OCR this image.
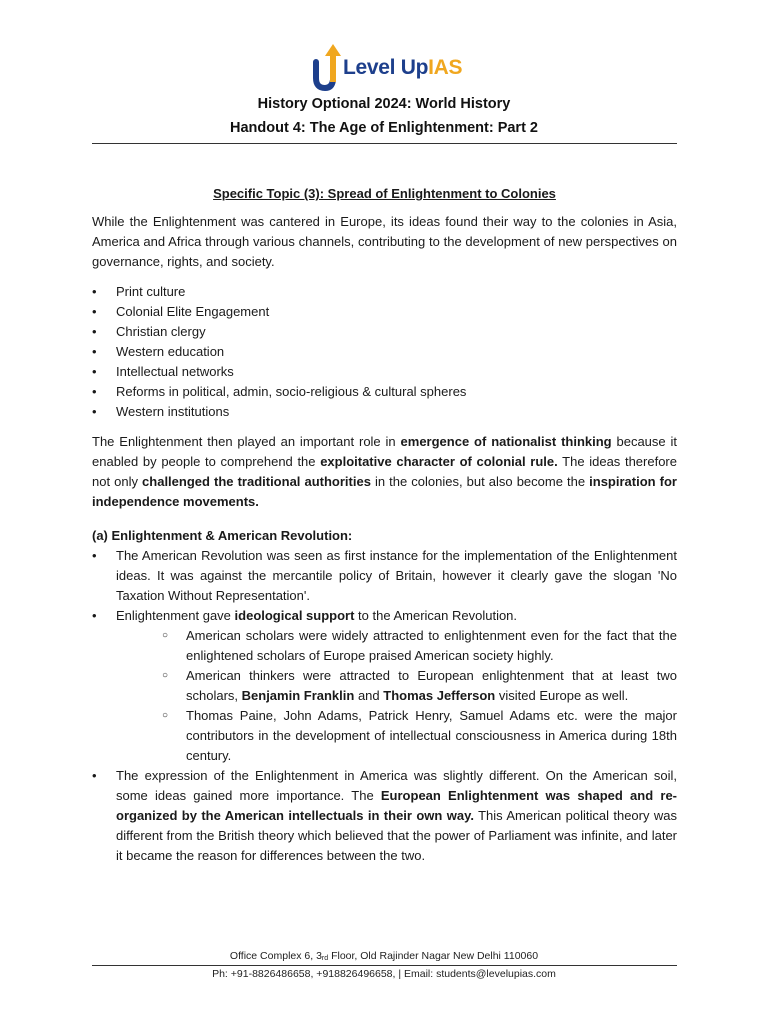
Level UpIAS
History Optional 2024: World History
Handout 4: The Age of Enlightenment: Part 2
Specific Topic (3): Spread of Enlightenment to Colonies

While the Enlightenment was cantered in Europe, its ideas found their way to the colonies in Asia, America and Africa through various channels, contributing to the development of new perspectives on governance, rights, and society.

• Print culture
• Colonial Elite Engagement
• Christian clergy
• Western education
• Intellectual networks
• Reforms in political, admin, socio-religious & cultural spheres
• Western institutions

The Enlightenment then played an important role in emergence of nationalist thinking because it enabled by people to comprehend the exploitative character of colonial rule. The ideas therefore not only challenged the traditional authorities in the colonies, but also become the inspiration for independence movements.

(a) Enlightenment & American Revolution:
• The American Revolution was seen as first instance for the implementation of the Enlightenment ideas. It was against the mercantile policy of Britain, however it clearly gave the slogan 'No Taxation Without Representation'.
• Enlightenment gave ideological support to the American Revolution.
○ American scholars were widely attracted to enlightenment even for the fact that the enlightened scholars of Europe praised American society highly.
○ American thinkers were attracted to European enlightenment that at least two scholars, Benjamin Franklin and Thomas Jefferson visited Europe as well.
○ Thomas Paine, John Adams, Patrick Henry, Samuel Adams etc. were the major contributors in the development of intellectual consciousness in America during 18th century.
• The expression of the Enlightenment in America was slightly different. On the American soil, some ideas gained more importance. The European Enlightenment was shaped and re-organized by the American intellectuals in their own way. This American political theory was different from the British theory which believed that the power of Parliament was infinite, and later it became the reason for differences between the two.
Office Complex 6, 3rd Floor, Old Rajinder Nagar New Delhi 110060
Ph: +91-8826486658, +918826496658, | Email: students@levelupias.com
